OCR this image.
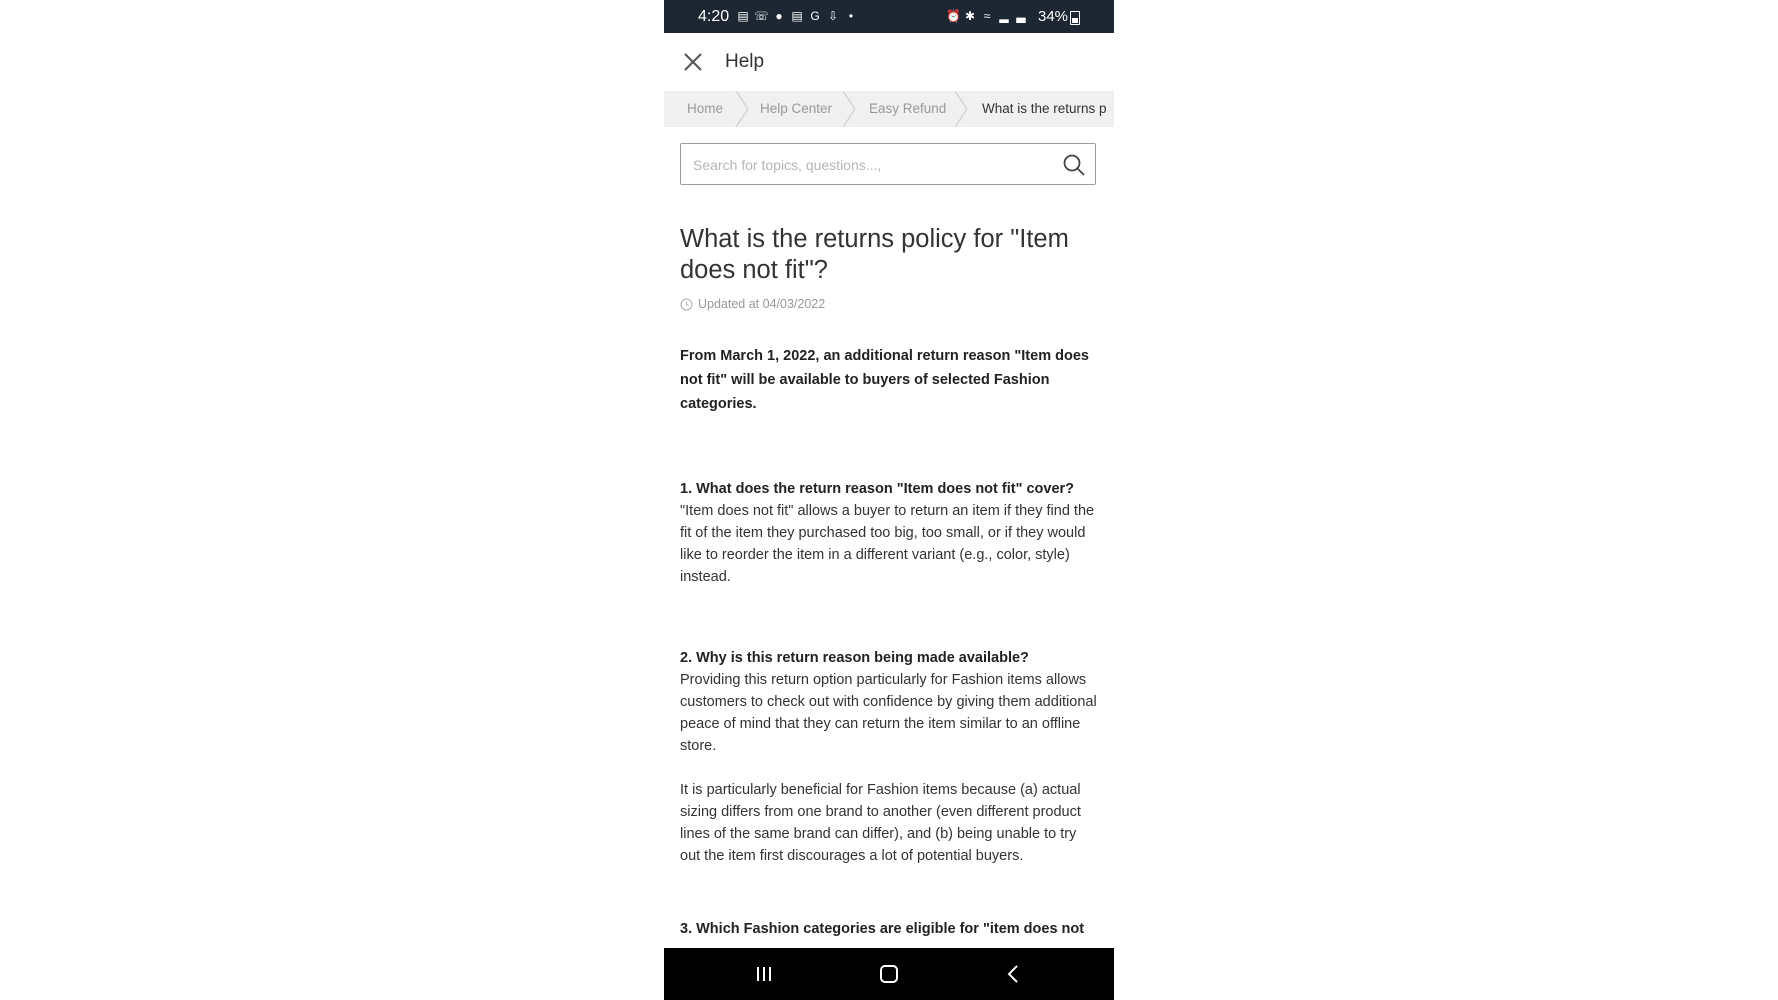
4:20 ▤ ☏ ● ▤ G ⇩ •	⏰ ✱ ≈ ▂ ▃ 34%
Help
Home	Help Center	Easy Refund	What is the returns p
Search for topics, questions...,
What is the returns policy for "Item does not fit"?
Updated at 04/03/2022
From March 1, 2022, an additional return reason "Item does not fit" will be available to buyers of selected Fashion categories.
1. What does the return reason "Item does not fit" cover?
"Item does not fit" allows a buyer to return an item if they find the fit of the item they purchased too big, too small, or if they would like to reorder the item in a different variant (e.g., color, style) instead.
2. Why is this return reason being made available?
Providing this return option particularly for Fashion items allows customers to check out with confidence by giving them additional peace of mind that they can return the item similar to an offline store.
It is particularly beneficial for Fashion items because (a) actual sizing differs from one brand to another (even different product lines of the same brand can differ), and (b) being unable to try out the item first discourages a lot of potential buyers.
3. Which Fashion categories are eligible for "item does not
